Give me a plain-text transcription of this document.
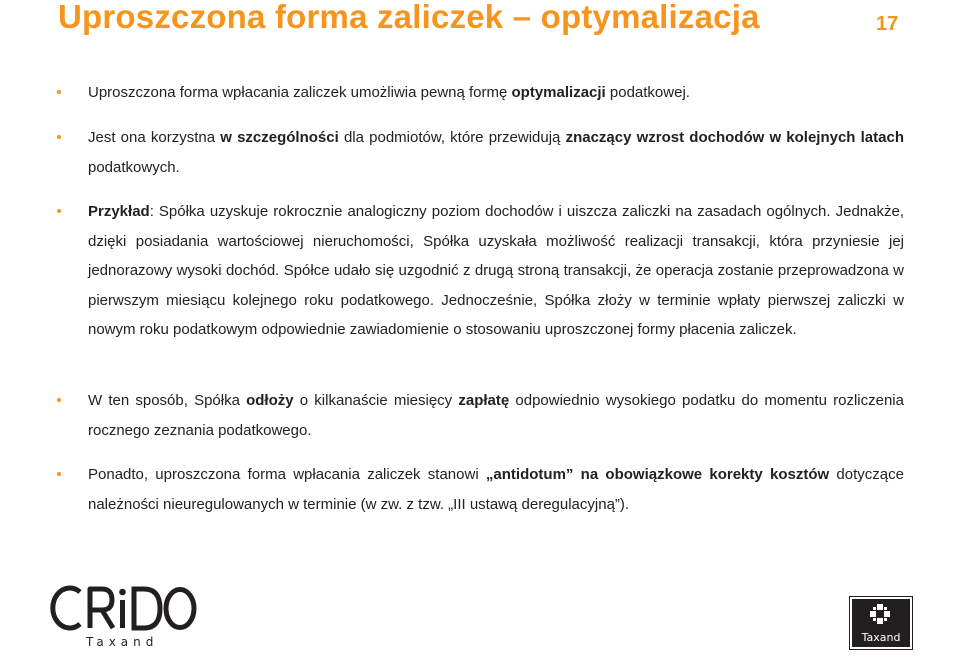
Uproszczona forma zaliczek – optymalizacja	17
Uproszczona forma wpłacania zaliczek umożliwia pewną formę optymalizacji podatkowej.
Jest ona korzystna w szczególności dla podmiotów, które przewidują znaczący wzrost dochodów w kolejnych latach podatkowych.
Przykład: Spółka uzyskuje rokrocznie analogiczny poziom dochodów i uiszcza zaliczki na zasadach ogólnych. Jednakże, dzięki posiadania wartościowej nieruchomości, Spółka uzyskała możliwość realizacji transakcji, która przyniesie jej jednorazowy wysoki dochód. Spółce udało się uzgodnić z drugą stroną transakcji, że operacja zostanie przeprowadzona w pierwszym miesiącu kolejnego roku podatkowego. Jednocześnie, Spółka złoży w terminie wpłaty pierwszej zaliczki w nowym roku podatkowym odpowiednie zawiadomienie o stosowaniu uproszczonej formy płacenia zaliczek.
W ten sposób, Spółka odłoży o kilkanaście miesięcy zapłatę odpowiednio wysokiego podatku do momentu rozliczenia rocznego zeznania podatkowego.
Ponadto, uproszczona forma wpłacania zaliczek stanowi „antidotum” na obowiązkowe korekty kosztów dotyczące należności nieuregulowanych w terminie (w zw. z tzw. „III ustawą deregulacyjną”).
Taxand	Taxand
